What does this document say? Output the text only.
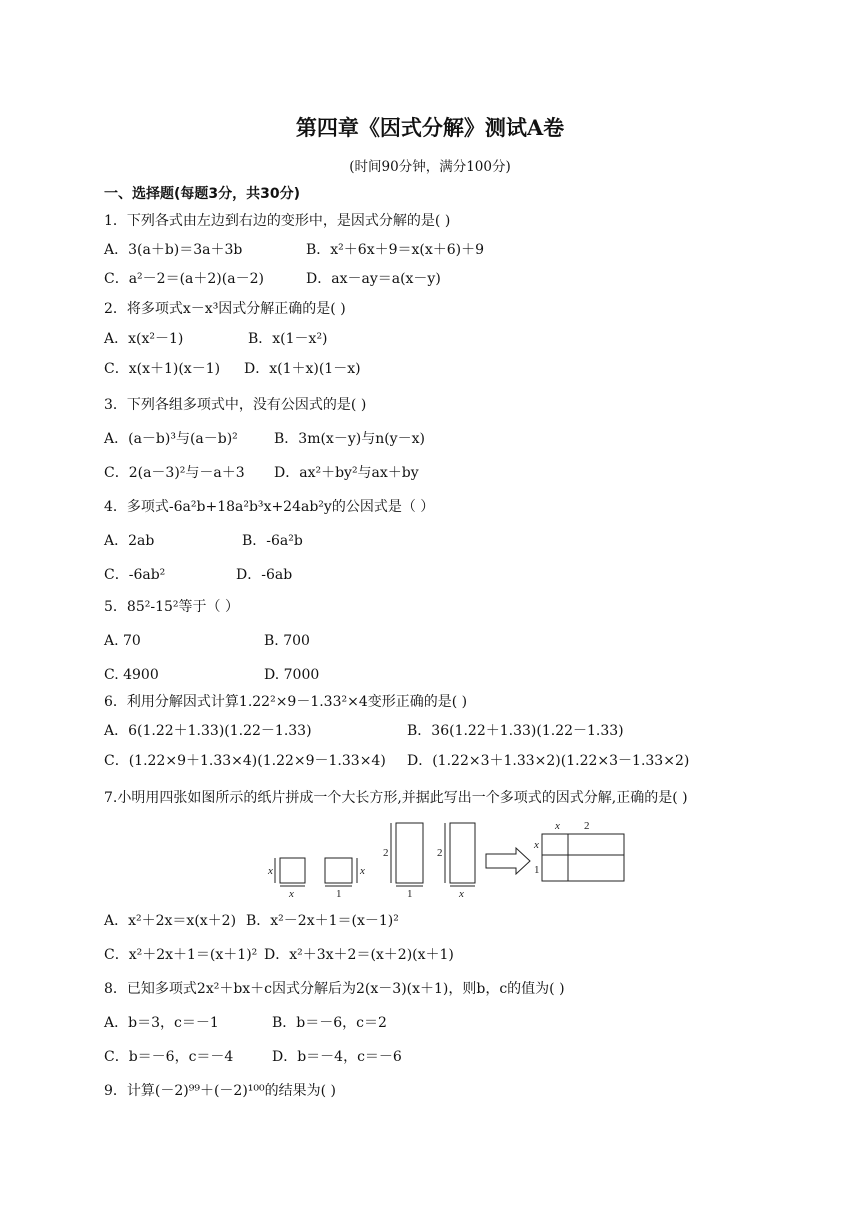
第四章《因式分解》测试A卷
(时间90分钟，满分100分)
一、选择题(每题3分，共30分)
1．下列各式由左边到右边的变形中，是因式分解的是( )
A．3(a＋b)＝3a＋3b	B．x²＋6x＋9＝x(x＋6)＋9
C．a²－2＝(a＋2)(a－2)	D．ax－ay＝a(x－y)
2．将多项式x－x³因式分解正确的是( )
A．x(x²－1)	B．x(1－x²)
C．x(x＋1)(x－1) D．x(1＋x)(1－x)
3．下列各组多项式中，没有公因式的是( )
A．(a－b)³与(a－b)²	B．3m(x－y)与n(y－x)
C．2(a－3)²与－a＋3 D．ax²＋by²与ax＋by
4．多项式-6a²b+18a²b³x+24ab²y的公因式是（ ）
A．2ab	B．-6a²b
C．-6ab²	D．-6ab
5．85²-15²等于（ ）
A. 70	B. 700
C. 4900	D. 7000
6．利用分解因式计算1.22²×9－1.33²×4变形正确的是( )
A．6(1.22＋1.33)(1.22－1.33)	B．36(1.22＋1.33)(1.22－1.33)
C．(1.22×9＋1.33×4)(1.22×9－1.33×4) D．(1.22×3＋1.33×2)(1.22×3－1.33×2)
7.小明用四张如图所示的纸片拼成一个大长方形,并据此写出一个多项式的因式分解,正确的是( )
x
x
x
1
2
1
2
x
x 2
x
1
A．x²＋2x＝x(x＋2) B．x²－2x＋1＝(x－1)²
C．x²＋2x＋1＝(x＋1)² D．x²＋3x＋2＝(x＋2)(x＋1)
8．已知多项式2x²＋bx＋c因式分解后为2(x－3)(x＋1)，则b，c的值为( )
A．b＝3，c＝－1	B．b＝－6，c＝2
C．b＝－6，c＝－4	D．b＝－4，c＝－6
9．计算(－2)⁹⁹＋(－2)¹⁰⁰的结果为( )
